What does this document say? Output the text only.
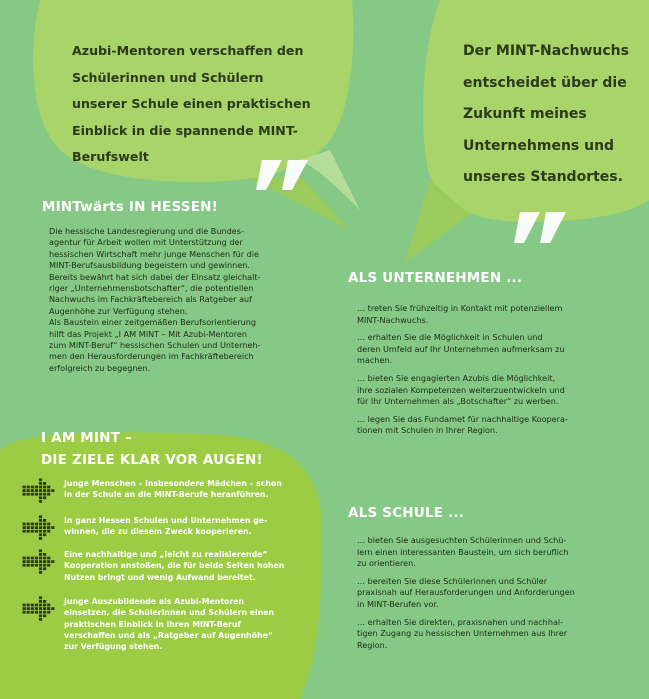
Azubi-Mentoren verschaffen den Schülerinnen und Schülern unserer Schule einen praktischen Einblick in die spannende MINT-Berufswelt

Der MINT-Nachwuchs entscheidet über die Zukunft meines Unternehmens und unseres Standortes.

MINTwärts IN HESSEN!
Die hessische Landesregierung und die Bundes-
agentur für Arbeit wollen mit Unterstützung der
hessischen Wirtschaft mehr junge Menschen für die
MINT-Berufsausbildung begeistern und gewinnen.
Bereits bewährt hat sich dabei der Einsatz gleichalt-
riger „Unternehmensbotschafter“, die potentiellen
Nachwuchs im Fachkräftebereich als Ratgeber auf
Augenhöhe zur Verfügung stehen.
Als Baustein einer zeitgemäßen Berufsorientierung
hilft das Projekt „I AM MINT – Mit Azubi-Mentoren
zum MINT-Beruf“ hessischen Schulen und Unterneh-
men den Herausforderungen im Fachkräftebereich
erfolgreich zu begegnen.
I AM MINT –
DIE ZIELE KLAR VOR AUGEN!
Junge Menschen – insbesondere Mädchen – schon
in der Schule an die MINT-Berufe heranführen.
In ganz Hessen Schulen und Unternehmen ge-
winnen, die zu diesem Zweck kooperieren.
Eine nachhaltige und „leicht zu realisierende“
Kooperation anstoßen, die für beide Seiten hohen
Nutzen bringt und wenig Aufwand bereitet.
Junge Auszubildende als Azubi-Mentoren
einsetzen, die Schülerinnen und Schülern einen
praktischen Einblick in ihren MINT-Beruf
verschaffen und als „Ratgeber auf Augenhöhe“
zur Verfügung stehen.
ALS UNTERNEHMEN ...
… treten Sie frühzeitig in Kontakt mit potenziellem
MINT-Nachwuchs.
… erhalten Sie die Möglichkeit in Schulen und
deren Umfeld auf Ihr Unternehmen aufmerksam zu
machen.
… bieten Sie engagierten Azubis die Möglichkeit,
ihre sozialen Kompetenzen weiterzuentwickeln und
für Ihr Unternehmen als „Botschafter“ zu werben.
… legen Sie das Fundamet für nachhaltige Koopera-
tionen mit Schulen in Ihrer Region.
ALS SCHULE ...
… bieten Sie ausgesuchten Schülerinnen und Schü-
lern einen interessanten Baustein, um sich beruflich
zu orientieren.
… bereiten Sie diese Schülerinnen und Schüler
praxisnah auf Herausforderungen und Anforderungen
in MINT-Berufen vor.
… erhalten Sie direkten, praxisnahen und nachhal-
tigen Zugang zu hessischen Unternehmen aus Ihrer
Region.
